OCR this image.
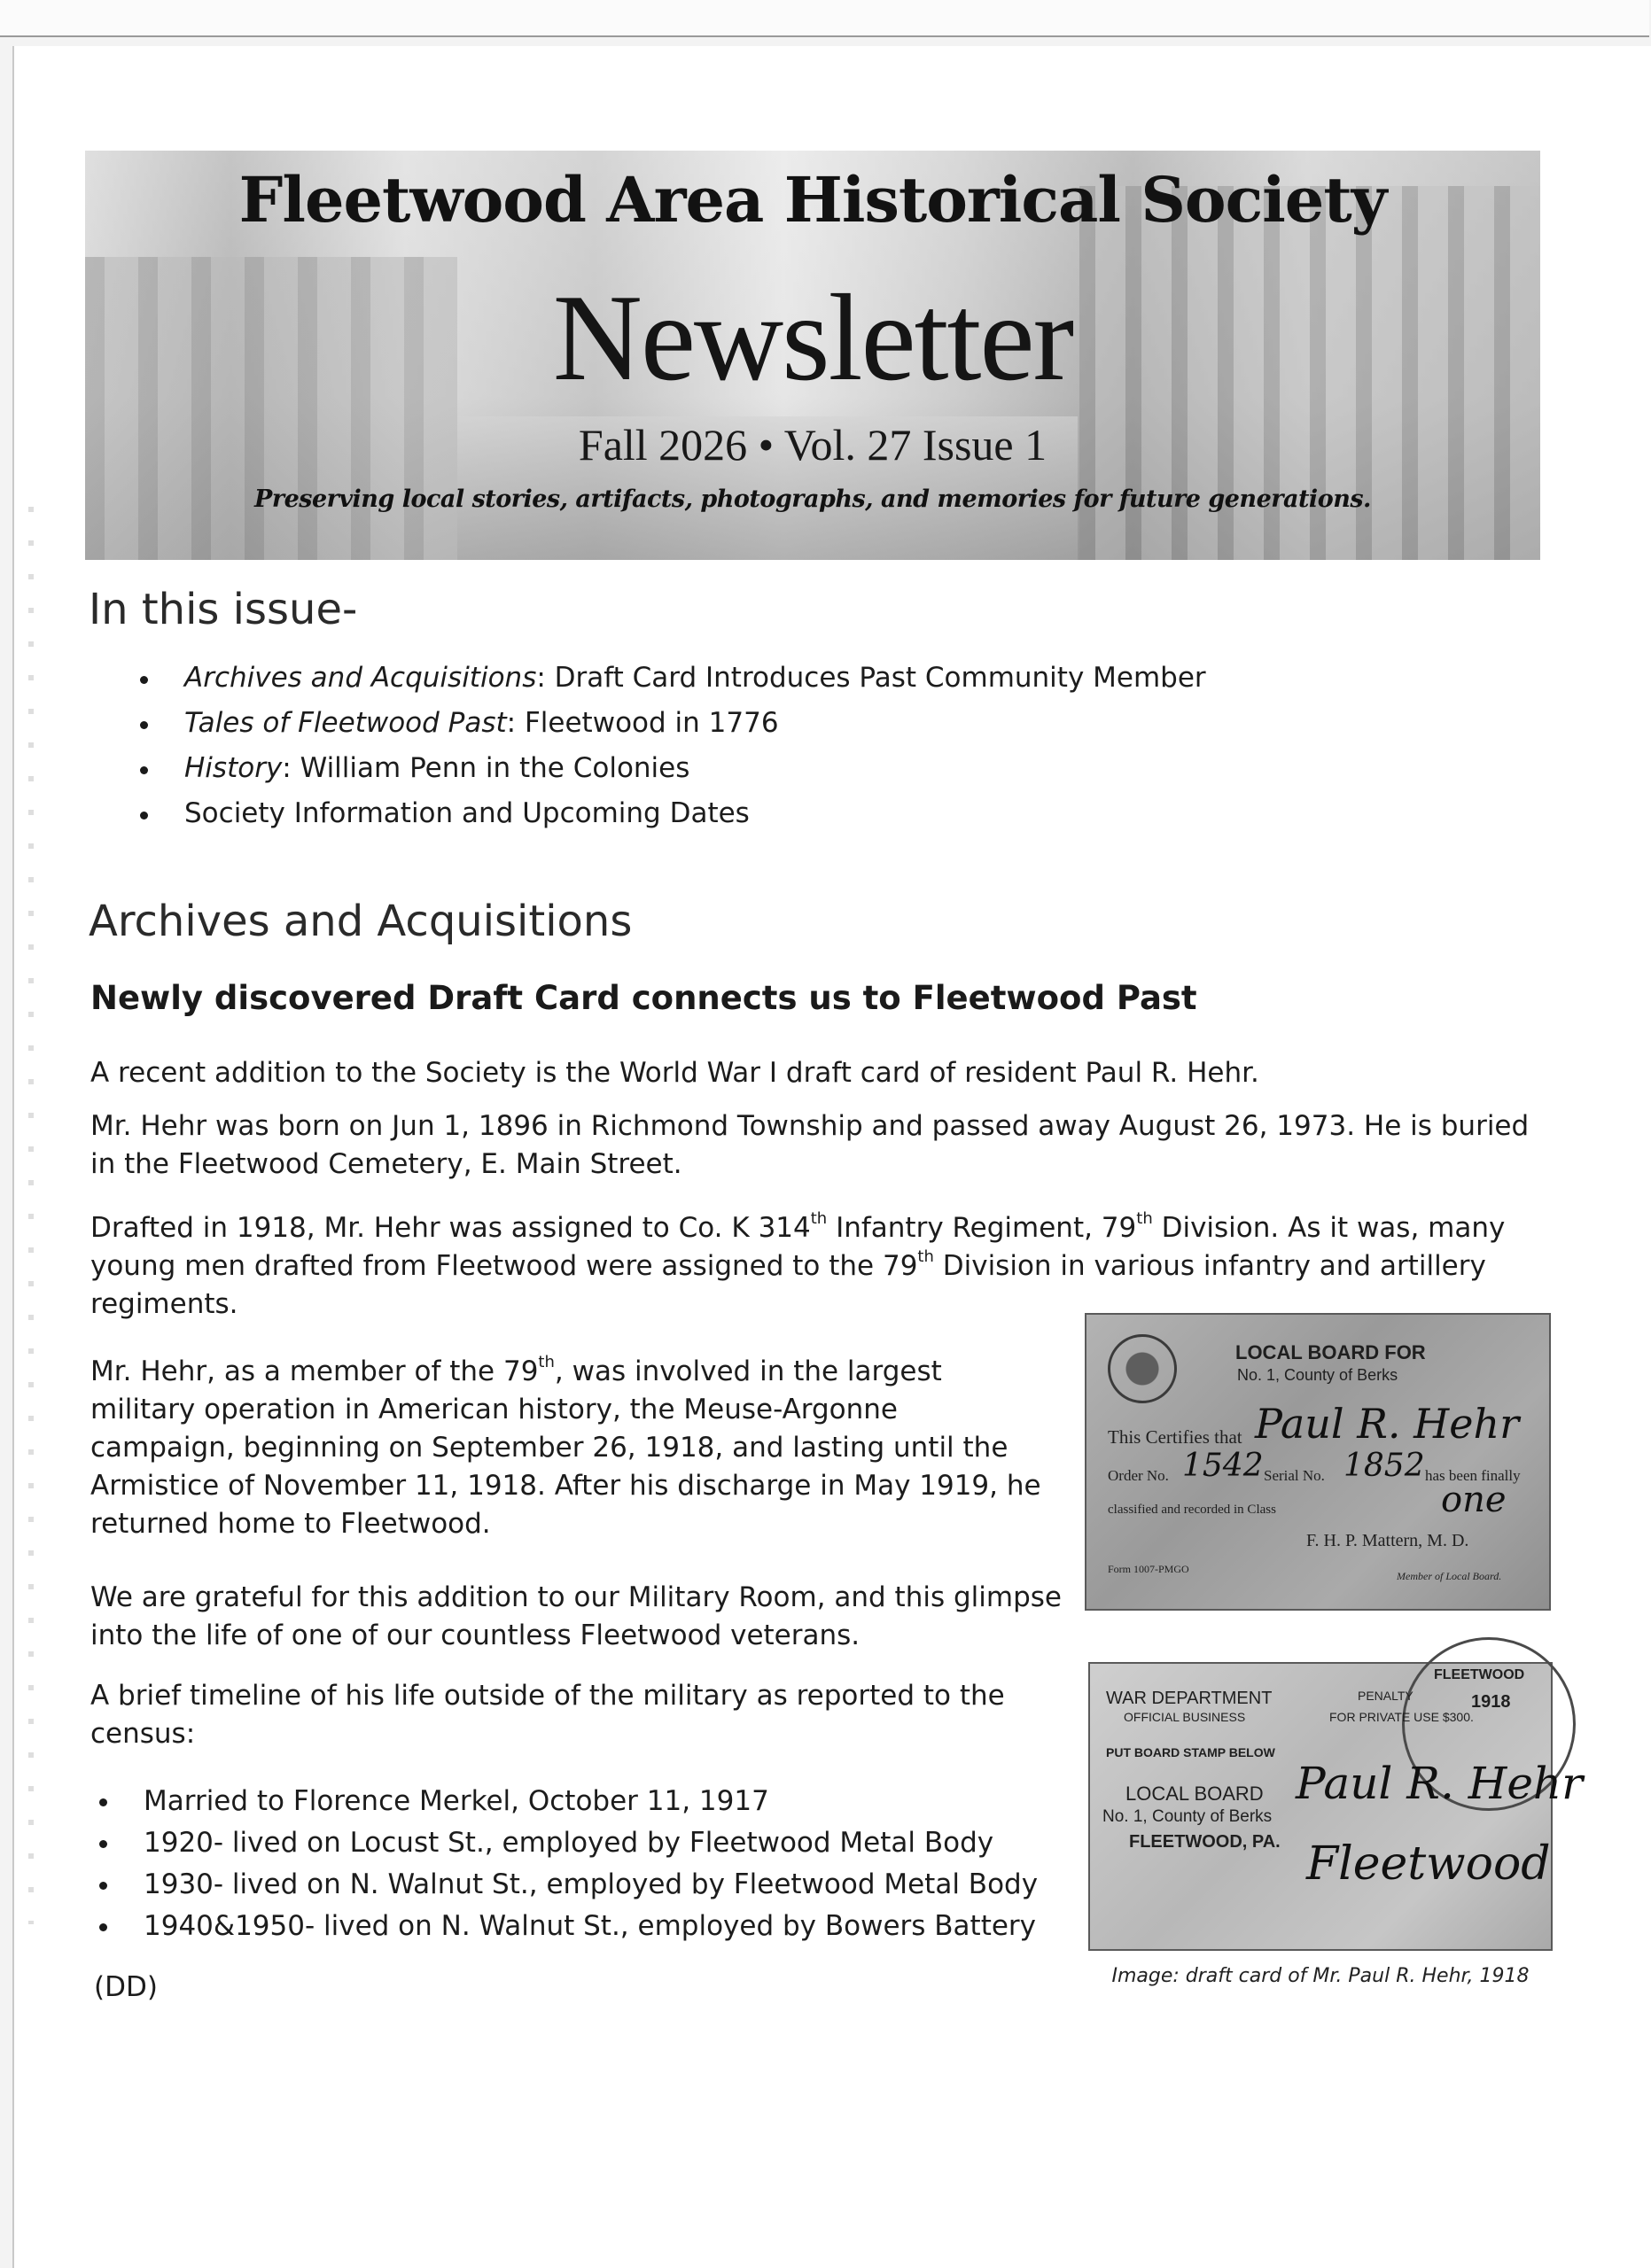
Fleetwood Area Historical Society
Newsletter
Fall 2026 • Vol. 27 Issue 1
Preserving local stories, artifacts, photographs, and memories for future generations.
In this issue-
Archives and Acquisitions: Draft Card Introduces Past Community Member
Tales of Fleetwood Past: Fleetwood in 1776
History: William Penn in the Colonies
Society Information and Upcoming Dates
Archives and Acquisitions
Newly discovered Draft Card connects us to Fleetwood Past

A recent addition to the Society is the World War I draft card of resident Paul R. Hehr.

Mr. Hehr was born on Jun 1, 1896 in Richmond Township and passed away August 26, 1973. He is buried in the Fleetwood Cemetery, E. Main Street.

Drafted in 1918, Mr. Hehr was assigned to Co. K 314th Infantry Regiment, 79th Division. As it was, many young men drafted from Fleetwood were assigned to the 79th Division in various infantry and artillery regiments.

Mr. Hehr, as a member of the 79th, was involved in the largest military operation in American history, the Meuse-Argonne campaign, beginning on September 26, 1918, and lasting until the Armistice of November 11, 1918. After his discharge in May 1919, he returned home to Fleetwood.

We are grateful for this addition to our Military Room, and this glimpse into the life of one of our countless Fleetwood veterans.

A brief timeline of his life outside of the military as reported to the census:

Married to Florence Merkel, October 11, 1917
1920- lived on Locust St., employed by Fleetwood Metal Body
1930- lived on N. Walnut St., employed by Fleetwood Metal Body
1940&1950- lived on N. Walnut St., employed by Bowers Battery
(DD)
LOCAL BOARD FOR
No. 1, County of Berks
This Certifies that Paul R. Hehr
Order No. 1542 Serial No. 1852 has been finally
classified and recorded in Class	one
F. H. P. Mattern, M. D.
Form 1007-PMGO
Member of Local Board.
FLEETWOOD
1918
WAR DEPARTMENT
OFFICIAL BUSINESS
PENALTY
FOR PRIVATE USE $300.
PUT BOARD STAMP BELOW
LOCAL BOARD
No. 1, County of Berks
FLEETWOOD, PA.
Paul R. Hehr
Fleetwood
Image: draft card of Mr. Paul R. Hehr, 1918
